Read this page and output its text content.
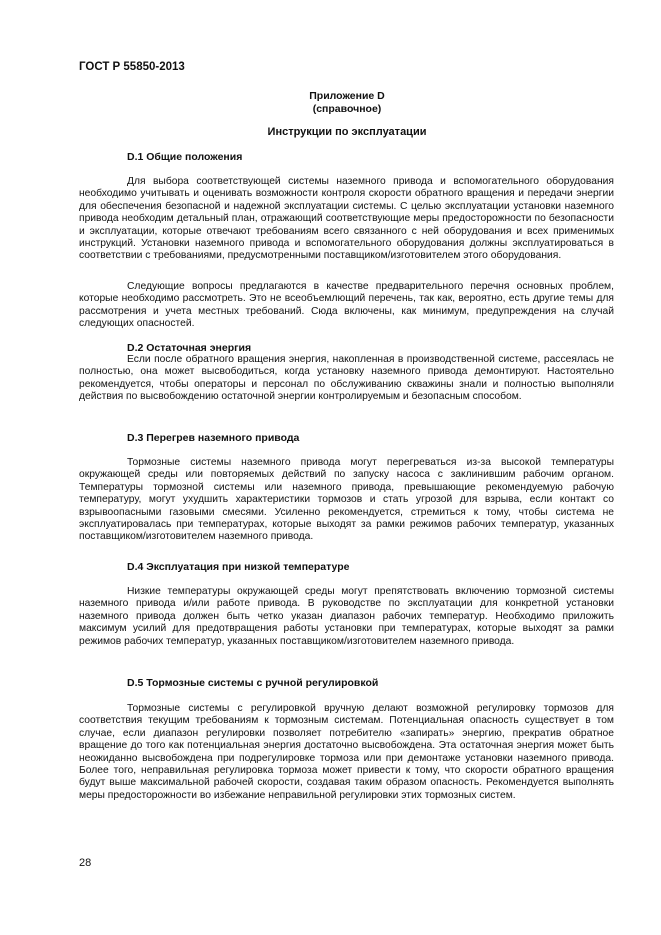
ГОСТ Р 55850-2013
Приложение D
(справочное)
Инструкции по эксплуатации
D.1 Общие положения

Для выбора соответствующей системы наземного привода и вспомогательного оборудования необходимо учитывать и оценивать возможности контроля скорости обратного вращения и передачи энергии для обеспечения безопасной и надежной эксплуатации системы. С целью эксплуатации установки наземного привода необходим детальный план, отражающий соответствующие меры предосторожности по безопасности и эксплуатации, которые отвечают требованиям всего связанного с ней оборудования и всех применимых инструкций. Установки наземного привода и вспомогательного оборудования должны эксплуатироваться в соответствии с требованиями, предусмотренными поставщиком/изготовителем этого оборудования.

Следующие вопросы предлагаются в качестве предварительного перечня основных проблем, которые необходимо рассмотреть. Это не всеобъемлющий перечень, так как, вероятно, есть другие темы для рассмотрения и учета местных требований. Сюда включены, как минимум, предупреждения на случай следующих опасностей.

D.2 Остаточная энергия

Если после обратного вращения энергия, накопленная в производственной системе, рассеялась не полностью, она может высвободиться, когда установку наземного привода демонтируют. Настоятельно рекомендуется, чтобы операторы и персонал по обслуживанию скважины знали и полностью выполняли действия по высвобождению остаточной энергии контролируемым и безопасным способом.

D.3 Перегрев наземного привода

Тормозные системы наземного привода могут перегреваться из-за высокой температуры окружающей среды или повторяемых действий по запуску насоса с заклинившим рабочим органом. Температуры тормозной системы или наземного привода, превышающие рекомендуемую рабочую температуру, могут ухудшить характеристики тормозов и стать угрозой для взрыва, если контакт со взрывоопасными газовыми смесями. Усиленно рекомендуется, стремиться к тому, чтобы система не эксплуатировалась при температурах, которые выходят за рамки режимов рабочих температур, указанных поставщиком/изготовителем наземного привода.

D.4 Эксплуатация при низкой температуре

Низкие температуры окружающей среды могут препятствовать включению тормозной системы наземного привода и/или работе привода. В руководстве по эксплуатации для конкретной установки наземного привода должен быть четко указан диапазон рабочих температур. Необходимо приложить максимум усилий для предотвращения работы установки при температурах, которые выходят за рамки режимов рабочих температур, указанных поставщиком/изготовителем наземного привода.

D.5 Тормозные системы с ручной регулировкой

Тормозные системы с регулировкой вручную делают возможной регулировку тормозов для соответствия текущим требованиям к тормозным системам. Потенциальная опасность существует в том случае, если диапазон регулировки позволяет потребителю «запирать» энергию, прекратив обратное вращение до того как потенциальная энергия достаточно высвобождена. Эта остаточная энергия может быть неожиданно высвобождена при подрегулировке тормоза или при демонтаже установки наземного привода. Более того, неправильная регулировка тормоза может привести к тому, что скорости обратного вращения будут выше максимальной рабочей скорости, создавая таким образом опасность. Рекомендуется выполнять меры предосторожности во избежание неправильной регулировки этих тормозных систем.

28
